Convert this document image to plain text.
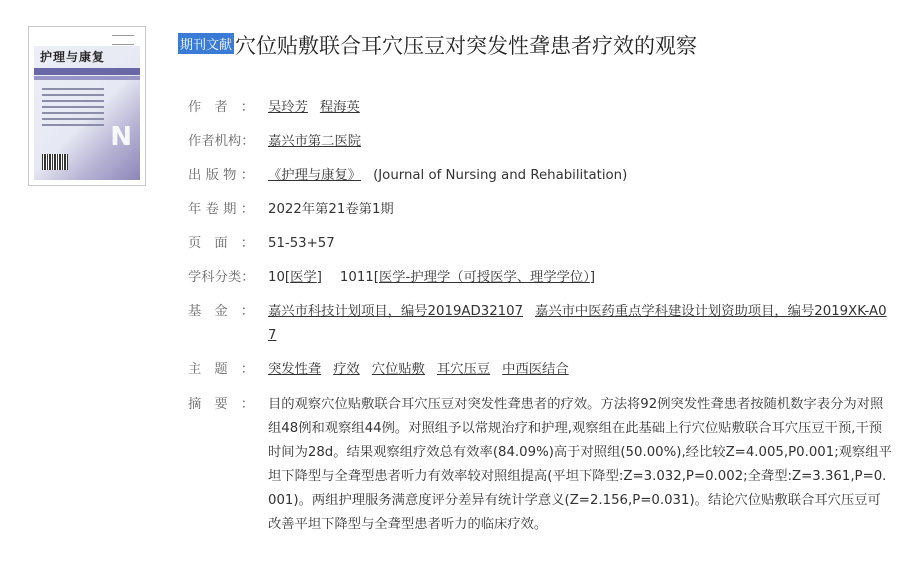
护理与康复
N
期刊文献 穴位贴敷联合耳穴压豆对突发性聋患者疗效的观察
作 者 ： 吴玲芳 程海英
作 者 机 构 ： 嘉兴市第二医院
出 版 物 ： 《护理与康复》 (Journal of Nursing and Rehabilitation)
年 卷 期 ： 2022年第21卷第1期
页 面 ： 51-53+57
学 科 分 类 ： 10[医学] 1011[医学-护理学（可授医学、理学学位）]
基 金 ： 嘉兴市科技计划项目，编号2019AD32107 嘉兴市中医药重点学科建设计划资助项目，编号2019XK-A07
主 题 ： 突发性聋 疗效 穴位贴敷 耳穴压豆 中西医结合
摘 要 ： 目的观察穴位贴敷联合耳穴压豆对突发性聋患者的疗效。方法将92例突发性聋患者按随机数字表分为对照组48例和观察组44例。对照组予以常规治疗和护理,观察组在此基础上行穴位贴敷联合耳穴压豆干预,干预时间为28d。结果观察组疗效总有效率(84.09%)高于对照组(50.00%),经比较Z=4.005,P0.001;观察组平坦下降型与全聋型患者听力有效率较对照组提高(平坦下降型:Z=3.032,P=0.002;全聋型:Z=3.361,P=0.001)。两组护理服务满意度评分差异有统计学意义(Z=2.156,P=0.031)。结论穴位贴敷联合耳穴压豆可改善平坦下降型与全聋型患者听力的临床疗效。
